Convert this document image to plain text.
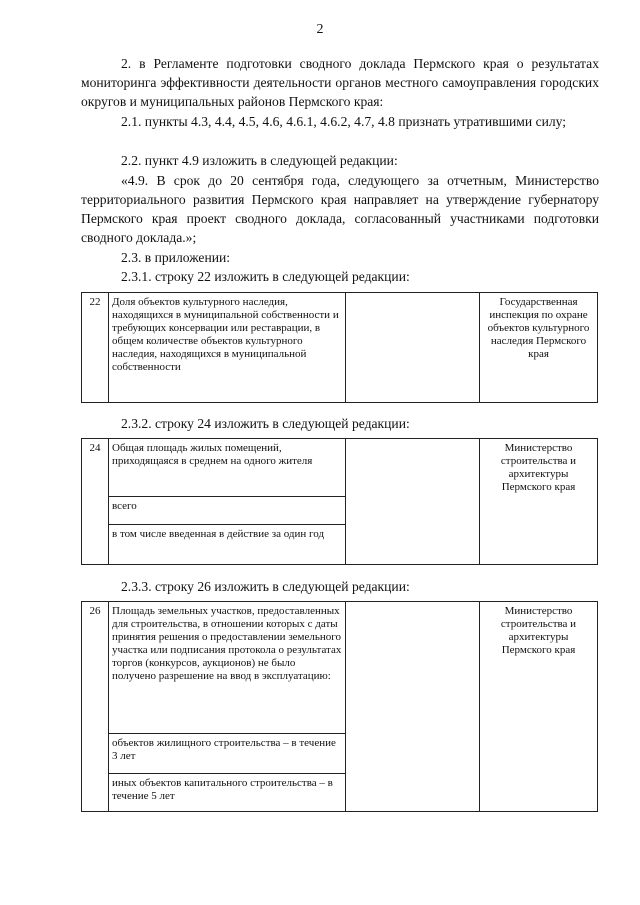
2

2. в Регламенте подготовки сводного доклада Пермского края о результатах мониторинга эффективности деятельности органов местного самоуправления городских округов и муниципальных районов Пермского края:

2.1. пункты 4.3, 4.4, 4.5, 4.6, 4.6.1, 4.6.2, 4.7, 4.8 признать утратившими силу;

2.2. пункт 4.9 изложить в следующей редакции:

«4.9. В срок до 20 сентября года, следующего за отчетным, Министерство территориального развития Пермского края направляет на утверждение губернатору Пермского края проект сводного доклада, согласованный участниками подготовки сводного доклада.»;

2.3. в приложении:

2.3.1. строку 22 изложить в следующей редакции:
22	Доля объектов культурного наследия, находящихся в муниципальной собственности и требующих консервации или реставрации, в общем количестве объектов культурного наследия, находящихся в муниципальной собственности		Государственная инспекция по охране объектов культурного наследия Пермского края
2.3.2. строку 24 изложить в следующей редакции:
24	Общая площадь жилых помещений, приходящаяся в среднем на одного жителя		Министерство строительства и архитектуры Пермского края
всего
в том числе введенная в действие за один год
2.3.3. строку 26 изложить в следующей редакции:
26	Площадь земельных участков, предоставленных для строительства, в отношении которых с даты принятия решения о предоставлении земельного участка или подписания протокола о результатах торгов (конкурсов, аукционов) не было получено разрешение на ввод в эксплуатацию:		Министерство строительства и архитектуры Пермского края
объектов жилищного строительства – в течение 3 лет
иных объектов капитального строительства – в течение 5 лет
